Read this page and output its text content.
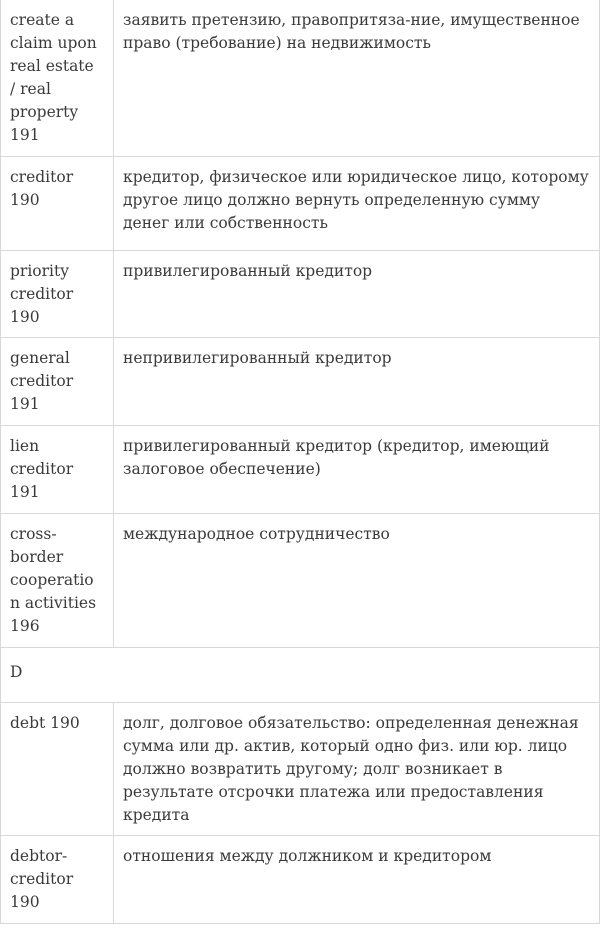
create a claim upon real estate / real property 191	заявить претензию, правопритяза-ние, имущественное право (требование) на недвижимость
creditor 190	кредитор, физическое или юридическое лицо, которому другое лицо должно вернуть определенную сумму денег или собственность
priority creditor 190	привилегированный кредитор
general creditor 191	непривилегированный кредитор
lien creditor 191	привилегированный кредитор (кредитор, имеющий залоговое обеспечение)
cross-border cooperation activities 196	международное сотрудничество
D	
debt 190	долг, долговое обязательство: определенная денежная сумма или др. актив, который одно физ. или юр. лицо должно возвратить другому; долг возникает в результате отсрочки платежа или предоставления кредита
debtor-creditor 190	отношения между должником и кредитором
